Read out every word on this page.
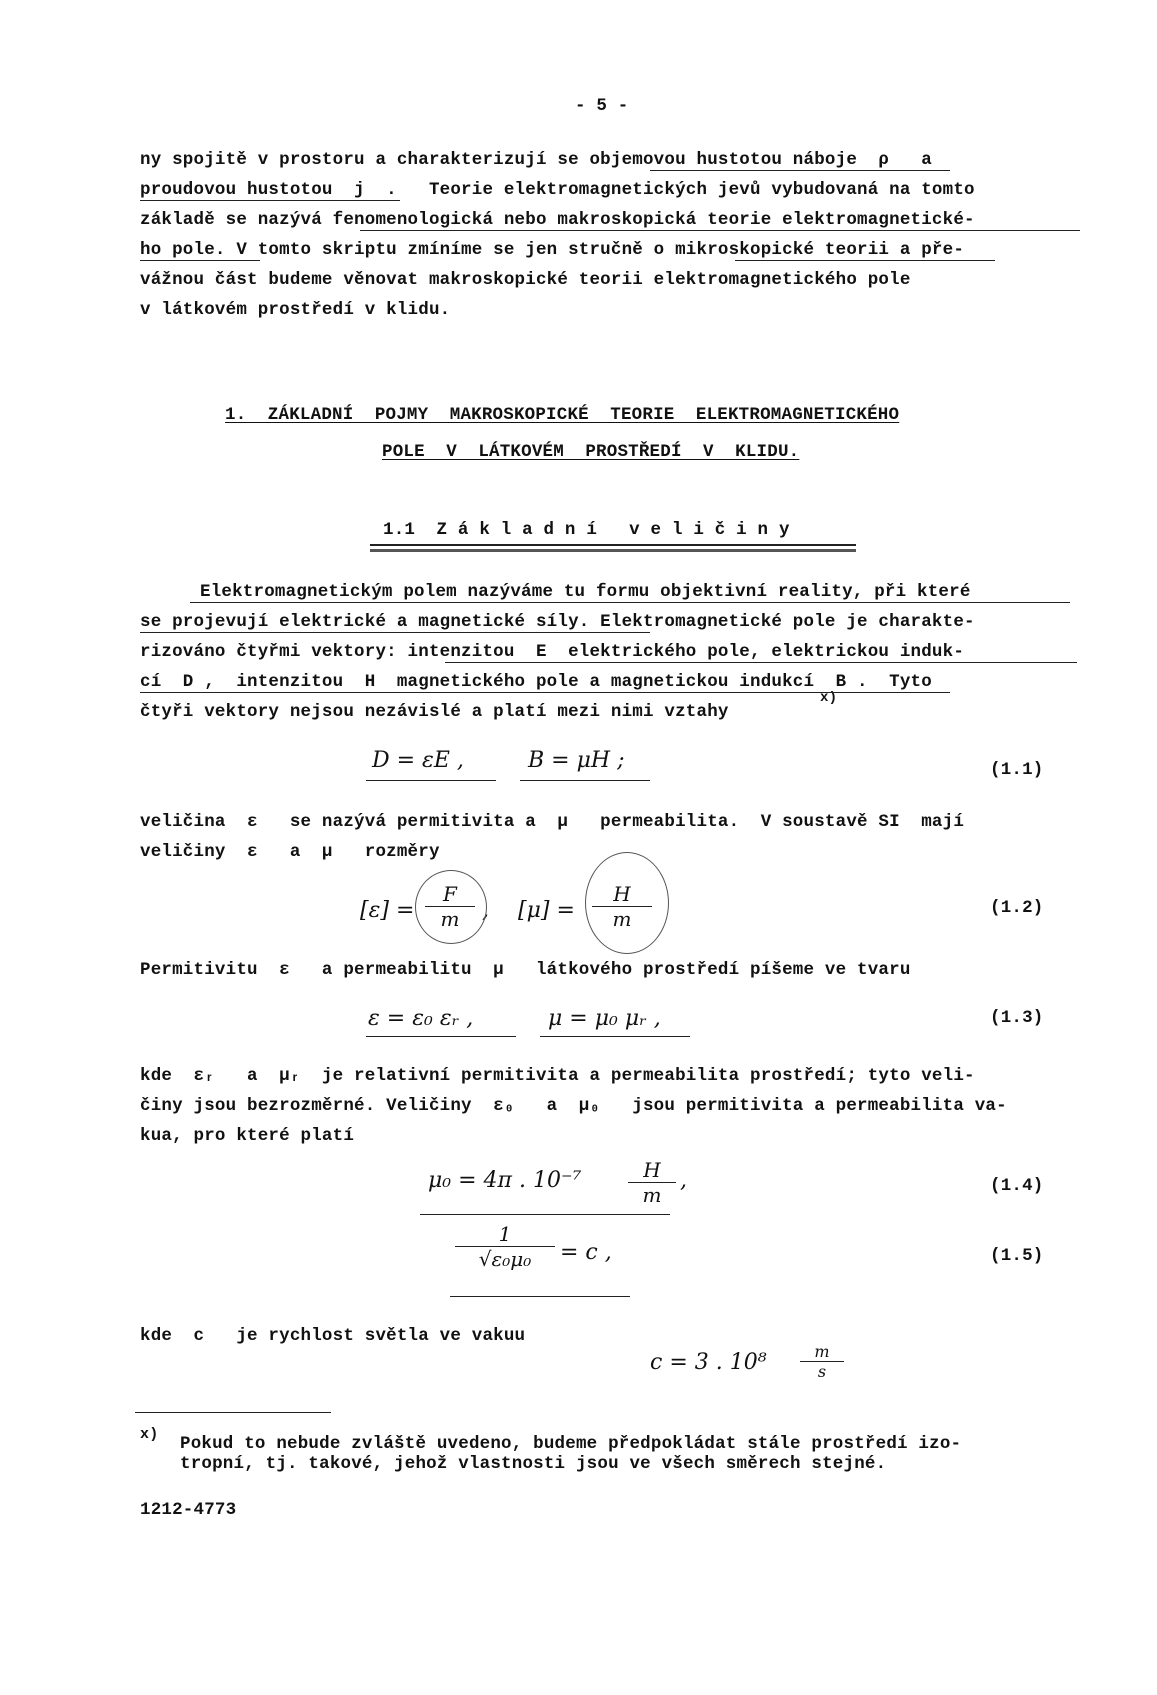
- 5 -
ny spojitě v prostoru a charakterizují se objemovou hustotou náboje  ρ   a
proudovou hustotou  j  .   Teorie elektromagnetických jevů vybudovaná na tomto
základě se nazývá fenomenologická nebo makroskopická teorie elektromagnetické-
ho pole. V tomto skriptu zmíníme se jen stručně o mikroskopické teorii a pře-
vážnou část budeme věnovat makroskopické teorii elektromagnetického pole
v látkovém prostředí v klidu.
1.  ZÁKLADNÍ  POJMY  MAKROSKOPICKÉ  TEORIE  ELEKTROMAGNETICKÉHO
POLE  V  LÁTKOVÉM  PROSTŘEDÍ  V  KLIDU.
1.1  Z á k l a d n í   v e l i č i n y
Elektromagnetickým polem nazýváme tu formu objektivní reality, při které
se projevují elektrické a magnetické síly. Elektromagnetické pole je charakte-
rizováno čtyřmi vektory: intenzitou  E  elektrického pole, elektrickou induk-
cí  D ,  intenzitou  H  magnetického pole a magnetickou indukcí  B .  Tyto
čtyři vektory nejsou nezávislé a platí mezi nimi vztahy
x)
D = εE ,	B = μH ;	(1.1)
veličina  ε   se nazývá permitivita a  μ   permeabilita.  V soustavě SI  mají
veličiny  ε   a  μ   rozměry
$[\varepsilon] = \frac{F}{m}$ , $[\mu] = \frac{H}{m}$	(1.2)
Permitivitu  ε   a permeabilitu  μ   látkového prostředí píšeme ve tvaru
ε = ε₀ εᵣ ,	μ = μ₀ μᵣ ,	(1.3)
kde  εᵣ   a  μᵣ  je relativní permitivita a permeabilita prostředí; tyto veli-
činy jsou bezrozměrné. Veličiny  ε₀   a  μ₀   jsou permitivita a permeabilita va-
kua, pro které platí
μ₀ = 4π . $10^{-7} \frac{H}{m}$ ,	(1.4)
$\frac{1}{\text{√ε₀μ₀}} = c$ ,	(1.5)
kde  c   je rychlost světla ve vakuu
c = 3 . $10^8 \frac{m}{s}$
x) Pokud to nebude zvláště uvedeno, budeme předpokládat stále prostředí izo-
tropní, tj. takové, jehož vlastnosti jsou ve všech směrech stejné.
1212-4773
